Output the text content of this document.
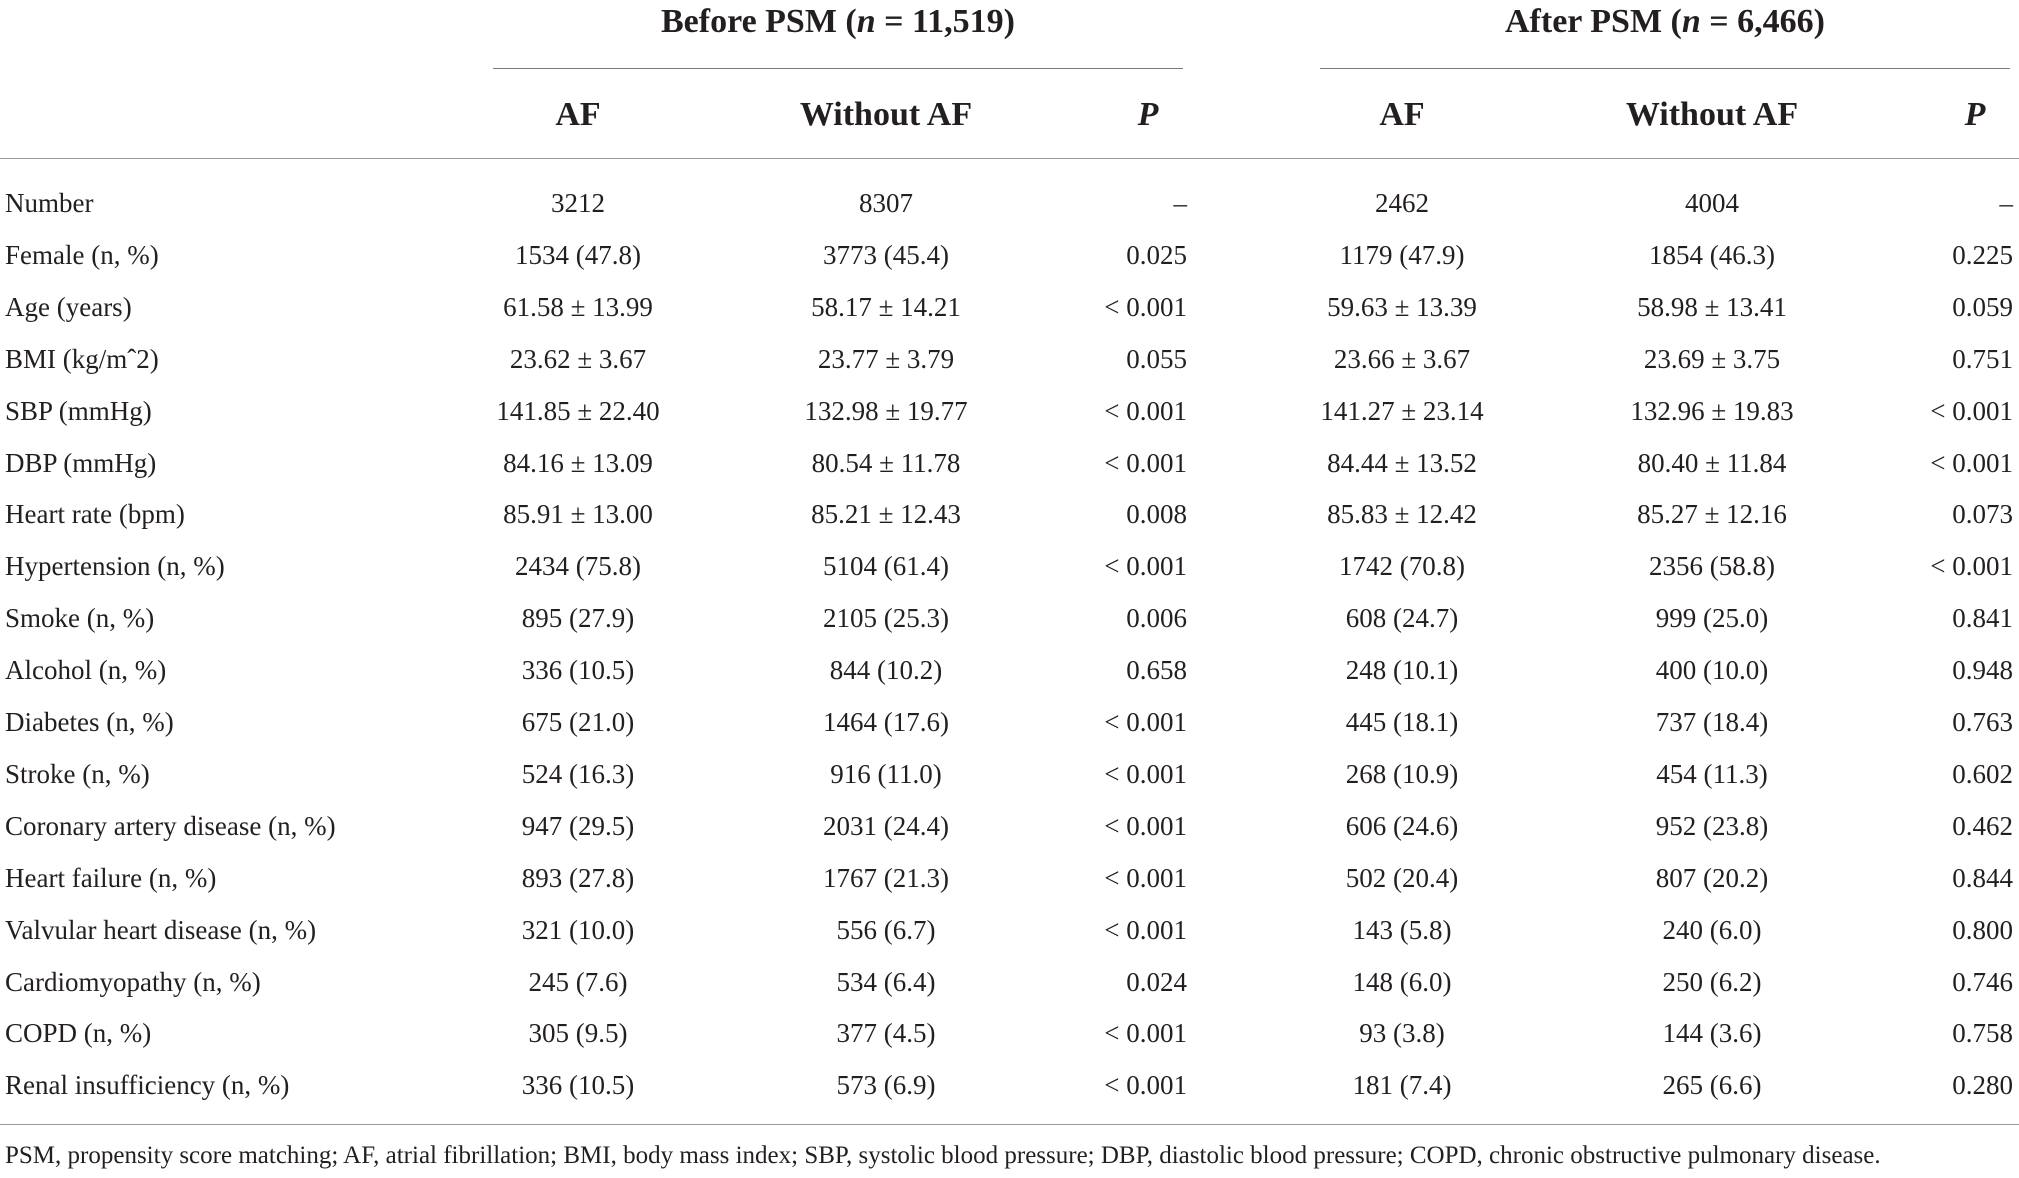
Before PSM (n = 11,519)	After PSM (n = 6,466)
AF	Without AF	P	AF	Without AF	P
Number	3212	8307	–	2462	4004	–
Female (n, %)	1534 (47.8)	3773 (45.4)	0.025	1179 (47.9)	1854 (46.3)	0.225
Age (years)	61.58 ± 13.99	58.17 ± 14.21	< 0.001	59.63 ± 13.39	58.98 ± 13.41	0.059
BMI (kg/mˆ2)	23.62 ± 3.67	23.77 ± 3.79	0.055	23.66 ± 3.67	23.69 ± 3.75	0.751
SBP (mmHg)	141.85 ± 22.40	132.98 ± 19.77	< 0.001	141.27 ± 23.14	132.96 ± 19.83	< 0.001
DBP (mmHg)	84.16 ± 13.09	80.54 ± 11.78	< 0.001	84.44 ± 13.52	80.40 ± 11.84	< 0.001
Heart rate (bpm)	85.91 ± 13.00	85.21 ± 12.43	0.008	85.83 ± 12.42	85.27 ± 12.16	0.073
Hypertension (n, %)	2434 (75.8)	5104 (61.4)	< 0.001	1742 (70.8)	2356 (58.8)	< 0.001
Smoke (n, %)	895 (27.9)	2105 (25.3)	0.006	608 (24.7)	999 (25.0)	0.841
Alcohol (n, %)	336 (10.5)	844 (10.2)	0.658	248 (10.1)	400 (10.0)	0.948
Diabetes (n, %)	675 (21.0)	1464 (17.6)	< 0.001	445 (18.1)	737 (18.4)	0.763
Stroke (n, %)	524 (16.3)	916 (11.0)	< 0.001	268 (10.9)	454 (11.3)	0.602
Coronary artery disease (n, %)	947 (29.5)	2031 (24.4)	< 0.001	606 (24.6)	952 (23.8)	0.462
Heart failure (n, %)	893 (27.8)	1767 (21.3)	< 0.001	502 (20.4)	807 (20.2)	0.844
Valvular heart disease (n, %)	321 (10.0)	556 (6.7)	< 0.001	143 (5.8)	240 (6.0)	0.800
Cardiomyopathy (n, %)	245 (7.6)	534 (6.4)	0.024	148 (6.0)	250 (6.2)	0.746
COPD (n, %)	305 (9.5)	377 (4.5)	< 0.001	93 (3.8)	144 (3.6)	0.758
Renal insufficiency (n, %)	336 (10.5)	573 (6.9)	< 0.001	181 (7.4)	265 (6.6)	0.280
PSM, propensity score matching; AF, atrial fibrillation; BMI, body mass index; SBP, systolic blood pressure; DBP, diastolic blood pressure; COPD, chronic obstructive pulmonary disease.
